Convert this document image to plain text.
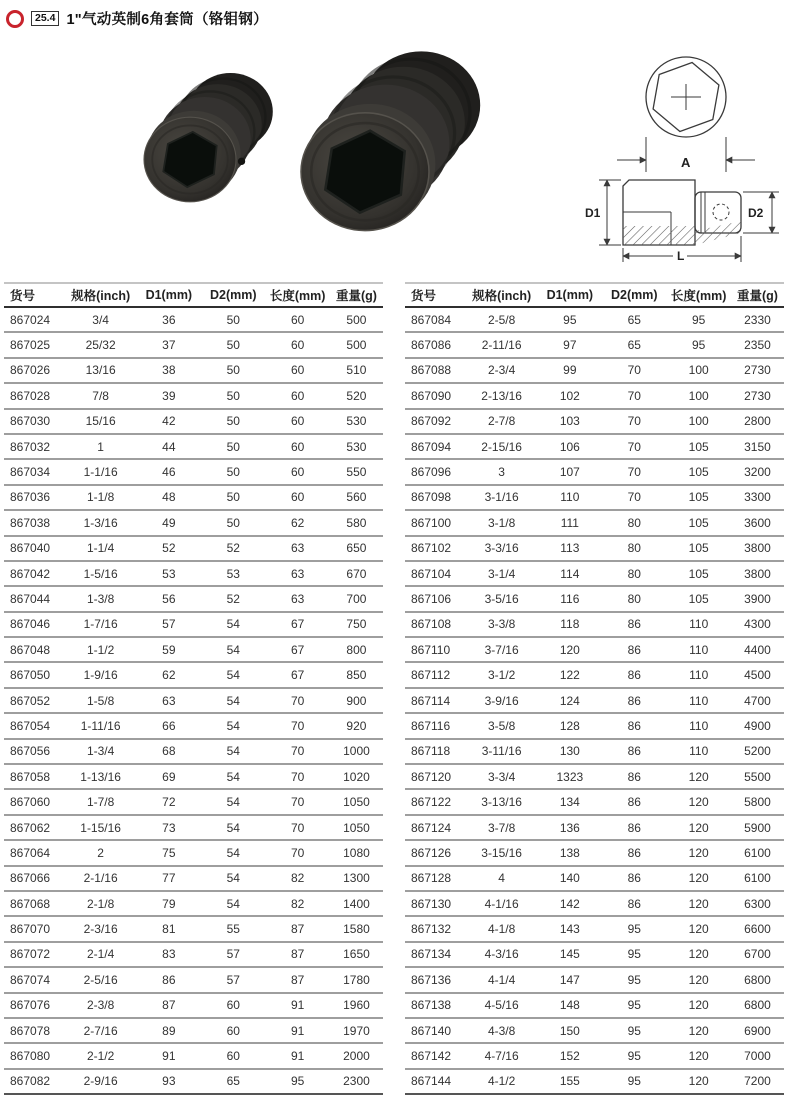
25.4 1"气动英制6角套筒（铬钼钢）
A
D1	D2
L
货号	规格(inch)	D1(mm)	D2(mm)	长度(mm)	重量(g)
867024	3/4	36	50	60	500
867025	25/32	37	50	60	500
867026	13/16	38	50	60	510
867028	7/8	39	50	60	520
867030	15/16	42	50	60	530
867032	1	44	50	60	530
867034	1-1/16	46	50	60	550
867036	1-1/8	48	50	60	560
867038	1-3/16	49	50	62	580
867040	1-1/4	52	52	63	650
867042	1-5/16	53	53	63	670
867044	1-3/8	56	52	63	700
867046	1-7/16	57	54	67	750
867048	1-1/2	59	54	67	800
867050	1-9/16	62	54	67	850
867052	1-5/8	63	54	70	900
867054	1-11/16	66	54	70	920
867056	1-3/4	68	54	70	1000
867058	1-13/16	69	54	70	1020
867060	1-7/8	72	54	70	1050
867062	1-15/16	73	54	70	1050
867064	2	75	54	70	1080
867066	2-1/16	77	54	82	1300
867068	2-1/8	79	54	82	1400
867070	2-3/16	81	55	87	1580
867072	2-1/4	83	57	87	1650
867074	2-5/16	86	57	87	1780
867076	2-3/8	87	60	91	1960
867078	2-7/16	89	60	91	1970
867080	2-1/2	91	60	91	2000
867082	2-9/16	93	65	95	2300
货号	规格(inch)	D1(mm)	D2(mm)	长度(mm)	重量(g)
867084	2-5/8	95	65	95	2330
867086	2-11/16	97	65	95	2350
867088	2-3/4	99	70	100	2730
867090	2-13/16	102	70	100	2730
867092	2-7/8	103	70	100	2800
867094	2-15/16	106	70	105	3150
867096	3	107	70	105	3200
867098	3-1/16	110	70	105	3300
867100	3-1/8	111	80	105	3600
867102	3-3/16	113	80	105	3800
867104	3-1/4	114	80	105	3800
867106	3-5/16	116	80	105	3900
867108	3-3/8	118	86	110	4300
867110	3-7/16	120	86	110	4400
867112	3-1/2	122	86	110	4500
867114	3-9/16	124	86	110	4700
867116	3-5/8	128	86	110	4900
867118	3-11/16	130	86	110	5200
867120	3-3/4	1323	86	120	5500
867122	3-13/16	134	86	120	5800
867124	3-7/8	136	86	120	5900
867126	3-15/16	138	86	120	6100
867128	4	140	86	120	6100
867130	4-1/16	142	86	120	6300
867132	4-1/8	143	95	120	6600
867134	4-3/16	145	95	120	6700
867136	4-1/4	147	95	120	6800
867138	4-5/16	148	95	120	6800
867140	4-3/8	150	95	120	6900
867142	4-7/16	152	95	120	7000
867144	4-1/2	155	95	120	7200
